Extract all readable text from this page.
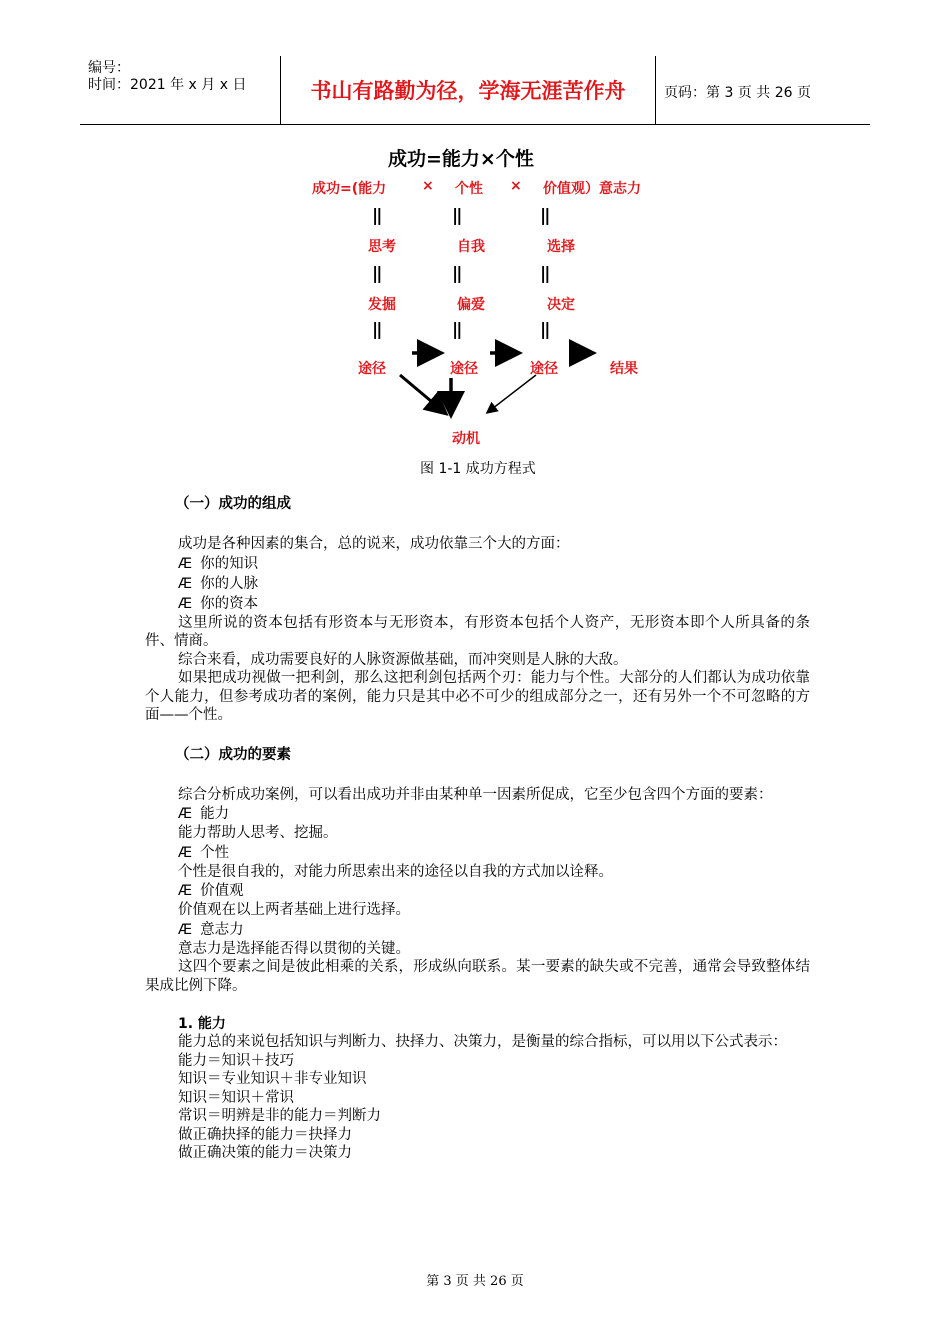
编号：
时间：2021 年 x 月 x 日	书山有路勤为径，学海无涯苦作舟	页码：第 3 页 共 26 页
成功=能力×个性
成功=(能力	× 个性 × 价值观）意志力
||	||	||
思考	自我	选择
||	||	||
发掘	偏爱	决定
||	||	||
途径	途径	途径	结果
动机
图 1-1 成功方程式
（一）成功的组成
成功是各种因素的集合，总的说来，成功依靠三个大的方面：
Æ 你的知识
Æ 你的人脉
Æ 你的资本
这里所说的资本包括有形资本与无形资本，有形资本包括个人资产，无形资本即个人所具备的条件、情商。
综合来看，成功需要良好的人脉资源做基础，而冲突则是人脉的大敌。
如果把成功视做一把利剑，那么这把利剑包括两个刃：能力与个性。大部分的人们都认为成功依靠个人能力，但参考成功者的案例，能力只是其中必不可少的组成部分之一，还有另外一个不可忽略的方面——个性。
（二）成功的要素
综合分析成功案例，可以看出成功并非由某种单一因素所促成，它至少包含四个方面的要素：
Æ 能力
能力帮助人思考、挖掘。
Æ 个性
个性是很自我的，对能力所思索出来的途径以自我的方式加以诠释。
Æ 价值观
价值观在以上两者基础上进行选择。
Æ 意志力
意志力是选择能否得以贯彻的关键。
这四个要素之间是彼此相乘的关系，形成纵向联系。某一要素的缺失或不完善，通常会导致整体结果成比例下降。
1. 能力
能力总的来说包括知识与判断力、抉择力、决策力，是衡量的综合指标，可以用以下公式表示：
能力＝知识＋技巧
知识＝专业知识＋非专业知识
知识＝知识＋常识
常识＝明辨是非的能力＝判断力
做正确抉择的能力＝抉择力
做正确决策的能力＝决策力
第 3 页 共 26 页
